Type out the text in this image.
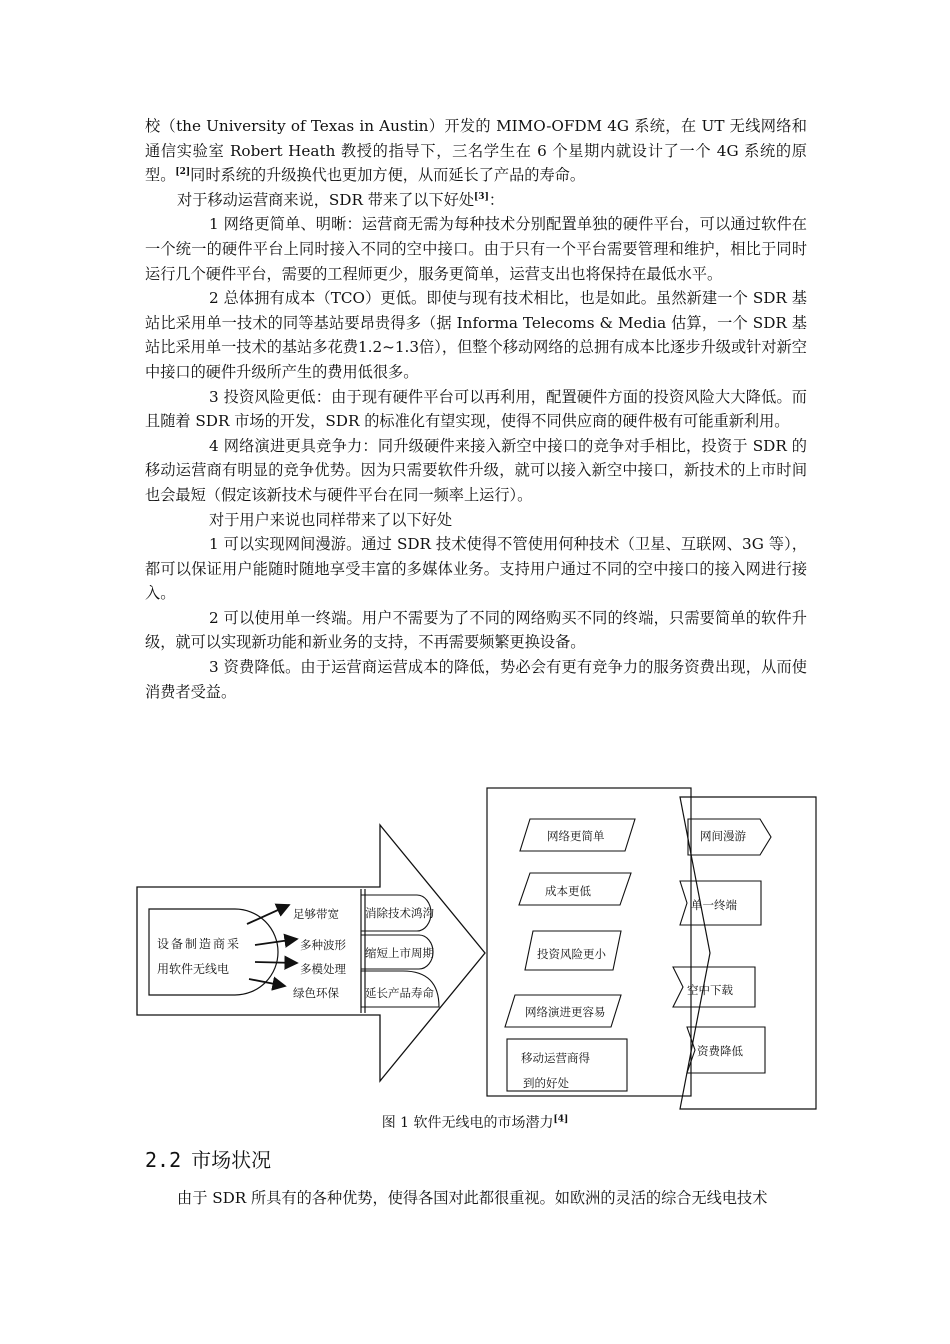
校（the University of Texas in Austin）开发的 MIMO-OFDM 4G 系统，在 UT 无线网络和通信实验室 Robert Heath 教授的指导下，三名学生在 6 个星期内就设计了一个 4G 系统的原型。[2]同时系统的升级换代也更加方便，从而延长了产品的寿命。

对于移动运营商来说，SDR 带来了以下好处[3]：

1 网络更简单、明晰：运营商无需为每种技术分别配置单独的硬件平台，可以通过软件在一个统一的硬件平台上同时接入不同的空中接口。由于只有一个平台需要管理和维护，相比于同时运行几个硬件平台，需要的工程师更少，服务更简单，运营支出也将保持在最低水平。

2 总体拥有成本（TCO）更低。即使与现有技术相比，也是如此。虽然新建一个 SDR 基站比采用单一技术的同等基站要昂贵得多（据 Informa Telecoms & Media 估算，一个 SDR 基站比采用单一技术的基站多花费1.2~1.3倍），但整个移动网络的总拥有成本比逐步升级或针对新空中接口的硬件升级所产生的费用低很多。

3 投资风险更低：由于现有硬件平台可以再利用，配置硬件方面的投资风险大大降低。而且随着 SDR 市场的开发，SDR 的标准化有望实现，使得不同供应商的硬件极有可能重新利用。

4 网络演进更具竞争力：同升级硬件来接入新空中接口的竞争对手相比，投资于 SDR 的移动运营商有明显的竞争优势。因为只需要软件升级，就可以接入新空中接口，新技术的上市时间也会最短（假定该新技术与硬件平台在同一频率上运行）。

对于用户来说也同样带来了以下好处

1 可以实现网间漫游。通过 SDR 技术使得不管使用何种技术（卫星、互联网、3G 等），都可以保证用户能随时随地享受丰富的多媒体业务。支持用户通过不同的空中接口的接入网进行接入。

2 可以使用单一终端。用户不需要为了不同的网络购买不同的终端，只需要简单的软件升级，就可以实现新功能和新业务的支持，不再需要频繁更换设备。

3 资费降低。由于运营商运营成本的降低，势必会有更有竞争力的服务资费出现，从而使消费者受益。

设备制造商采
用软件无线电
足够带宽
多种波形
多模处理
绿色环保
消除技术鸿沟
缩短上市周期
延长产品寿命
网络更简单
成本更低
投资风险更小
网络演进更容易
移动运营商得
到的好处
网间漫游
单一终端
空中下载
资费降低
图 1 软件无线电的市场潜力[4]
2.2 市场状况

由于 SDR 所具有的各种优势，使得各国对此都很重视。如欧洲的灵活的综合无线电技术
